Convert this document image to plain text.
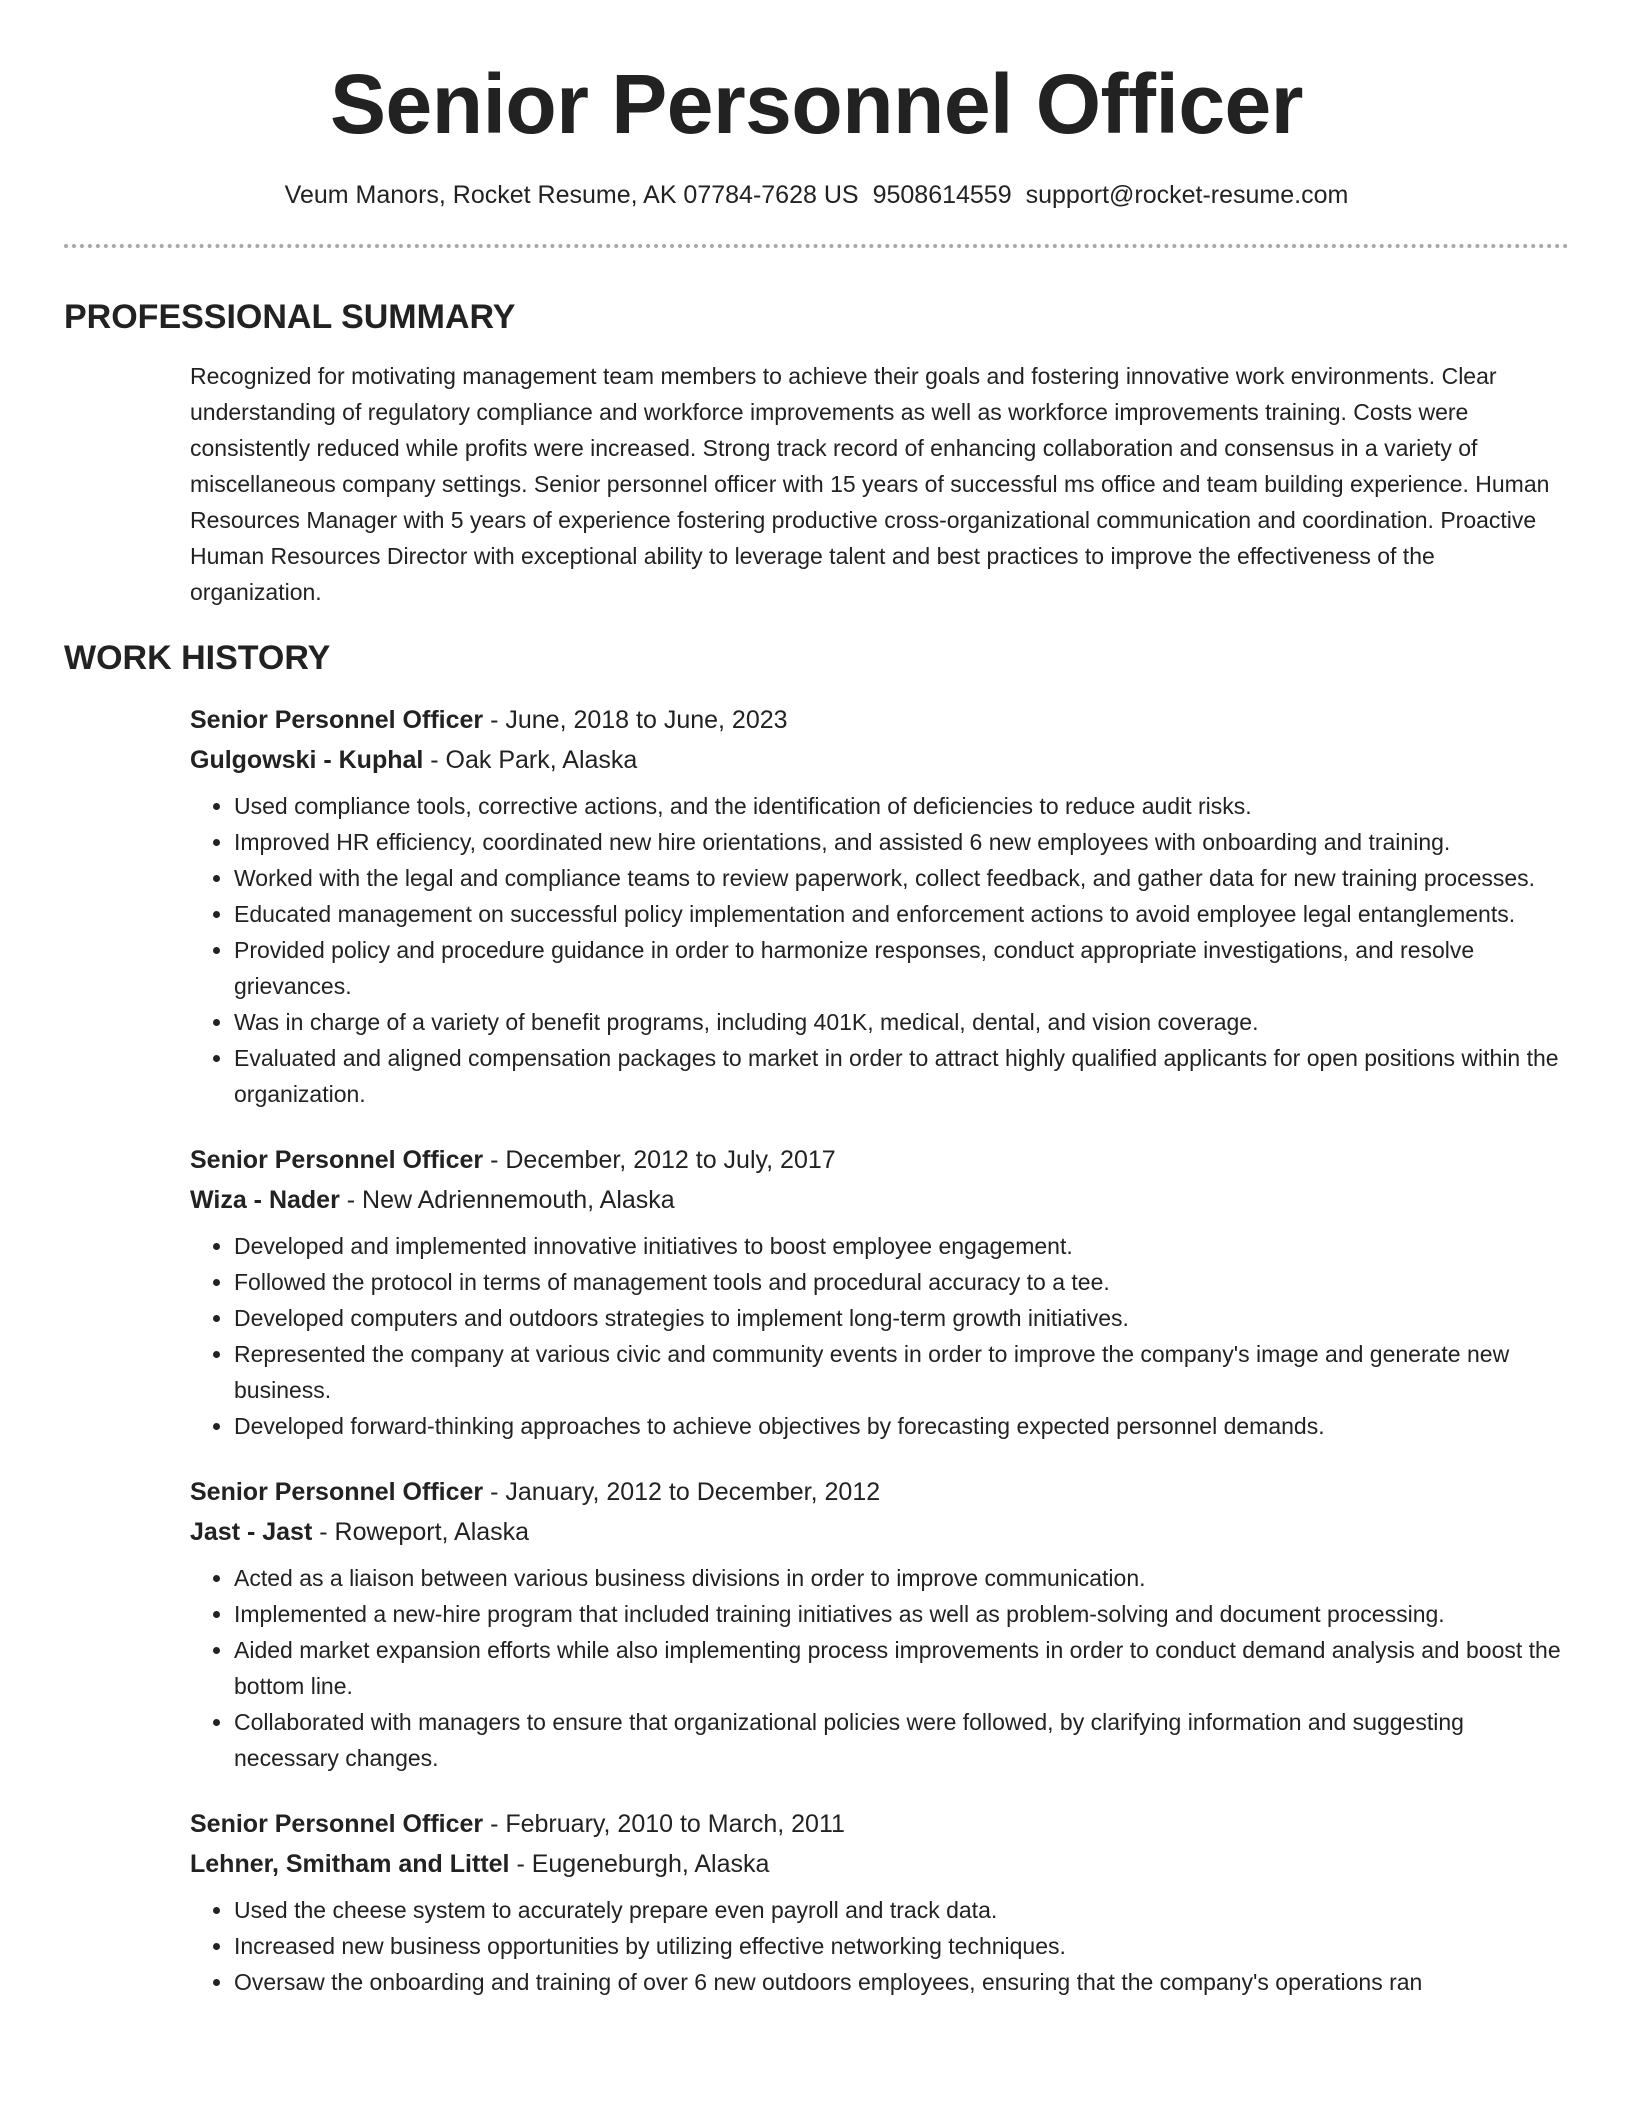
Senior Personnel Officer
Veum Manors, Rocket Resume, AK 07784-7628 US 9508614559 support@rocket-resume.com
PROFESSIONAL SUMMARY
Recognized for motivating management team members to achieve their goals and fostering innovative work environments. Clear understanding of regulatory compliance and workforce improvements as well as workforce improvements training. Costs were consistently reduced while profits were increased. Strong track record of enhancing collaboration and consensus in a variety of miscellaneous company settings. Senior personnel officer with 15 years of successful ms office and team building experience. Human Resources Manager with 5 years of experience fostering productive cross-organizational communication and coordination. Proactive Human Resources Director with exceptional ability to leverage talent and best practices to improve the effectiveness of the organization.
WORK HISTORY
Senior Personnel Officer - June, 2018 to June, 2023
Gulgowski - Kuphal - Oak Park, Alaska
• Used compliance tools, corrective actions, and the identification of deficiencies to reduce audit risks.
• Improved HR efficiency, coordinated new hire orientations, and assisted 6 new employees with onboarding and training.
• Worked with the legal and compliance teams to review paperwork, collect feedback, and gather data for new training processes.
• Educated management on successful policy implementation and enforcement actions to avoid employee legal entanglements.
• Provided policy and procedure guidance in order to harmonize responses, conduct appropriate investigations, and resolve grievances.
• Was in charge of a variety of benefit programs, including 401K, medical, dental, and vision coverage.
• Evaluated and aligned compensation packages to market in order to attract highly qualified applicants for open positions within the organization.
Senior Personnel Officer - December, 2012 to July, 2017
Wiza - Nader - New Adriennemouth, Alaska
• Developed and implemented innovative initiatives to boost employee engagement.
• Followed the protocol in terms of management tools and procedural accuracy to a tee.
• Developed computers and outdoors strategies to implement long-term growth initiatives.
• Represented the company at various civic and community events in order to improve the company's image and generate new business.
• Developed forward-thinking approaches to achieve objectives by forecasting expected personnel demands.
Senior Personnel Officer - January, 2012 to December, 2012
Jast - Jast - Roweport, Alaska
• Acted as a liaison between various business divisions in order to improve communication.
• Implemented a new-hire program that included training initiatives as well as problem-solving and document processing.
• Aided market expansion efforts while also implementing process improvements in order to conduct demand analysis and boost the bottom line.
• Collaborated with managers to ensure that organizational policies were followed, by clarifying information and suggesting necessary changes.
Senior Personnel Officer - February, 2010 to March, 2011
Lehner, Smitham and Littel - Eugeneburgh, Alaska
• Used the cheese system to accurately prepare even payroll and track data.
• Increased new business opportunities by utilizing effective networking techniques.
• Oversaw the onboarding and training of over 6 new outdoors employees, ensuring that the company's operations ran
